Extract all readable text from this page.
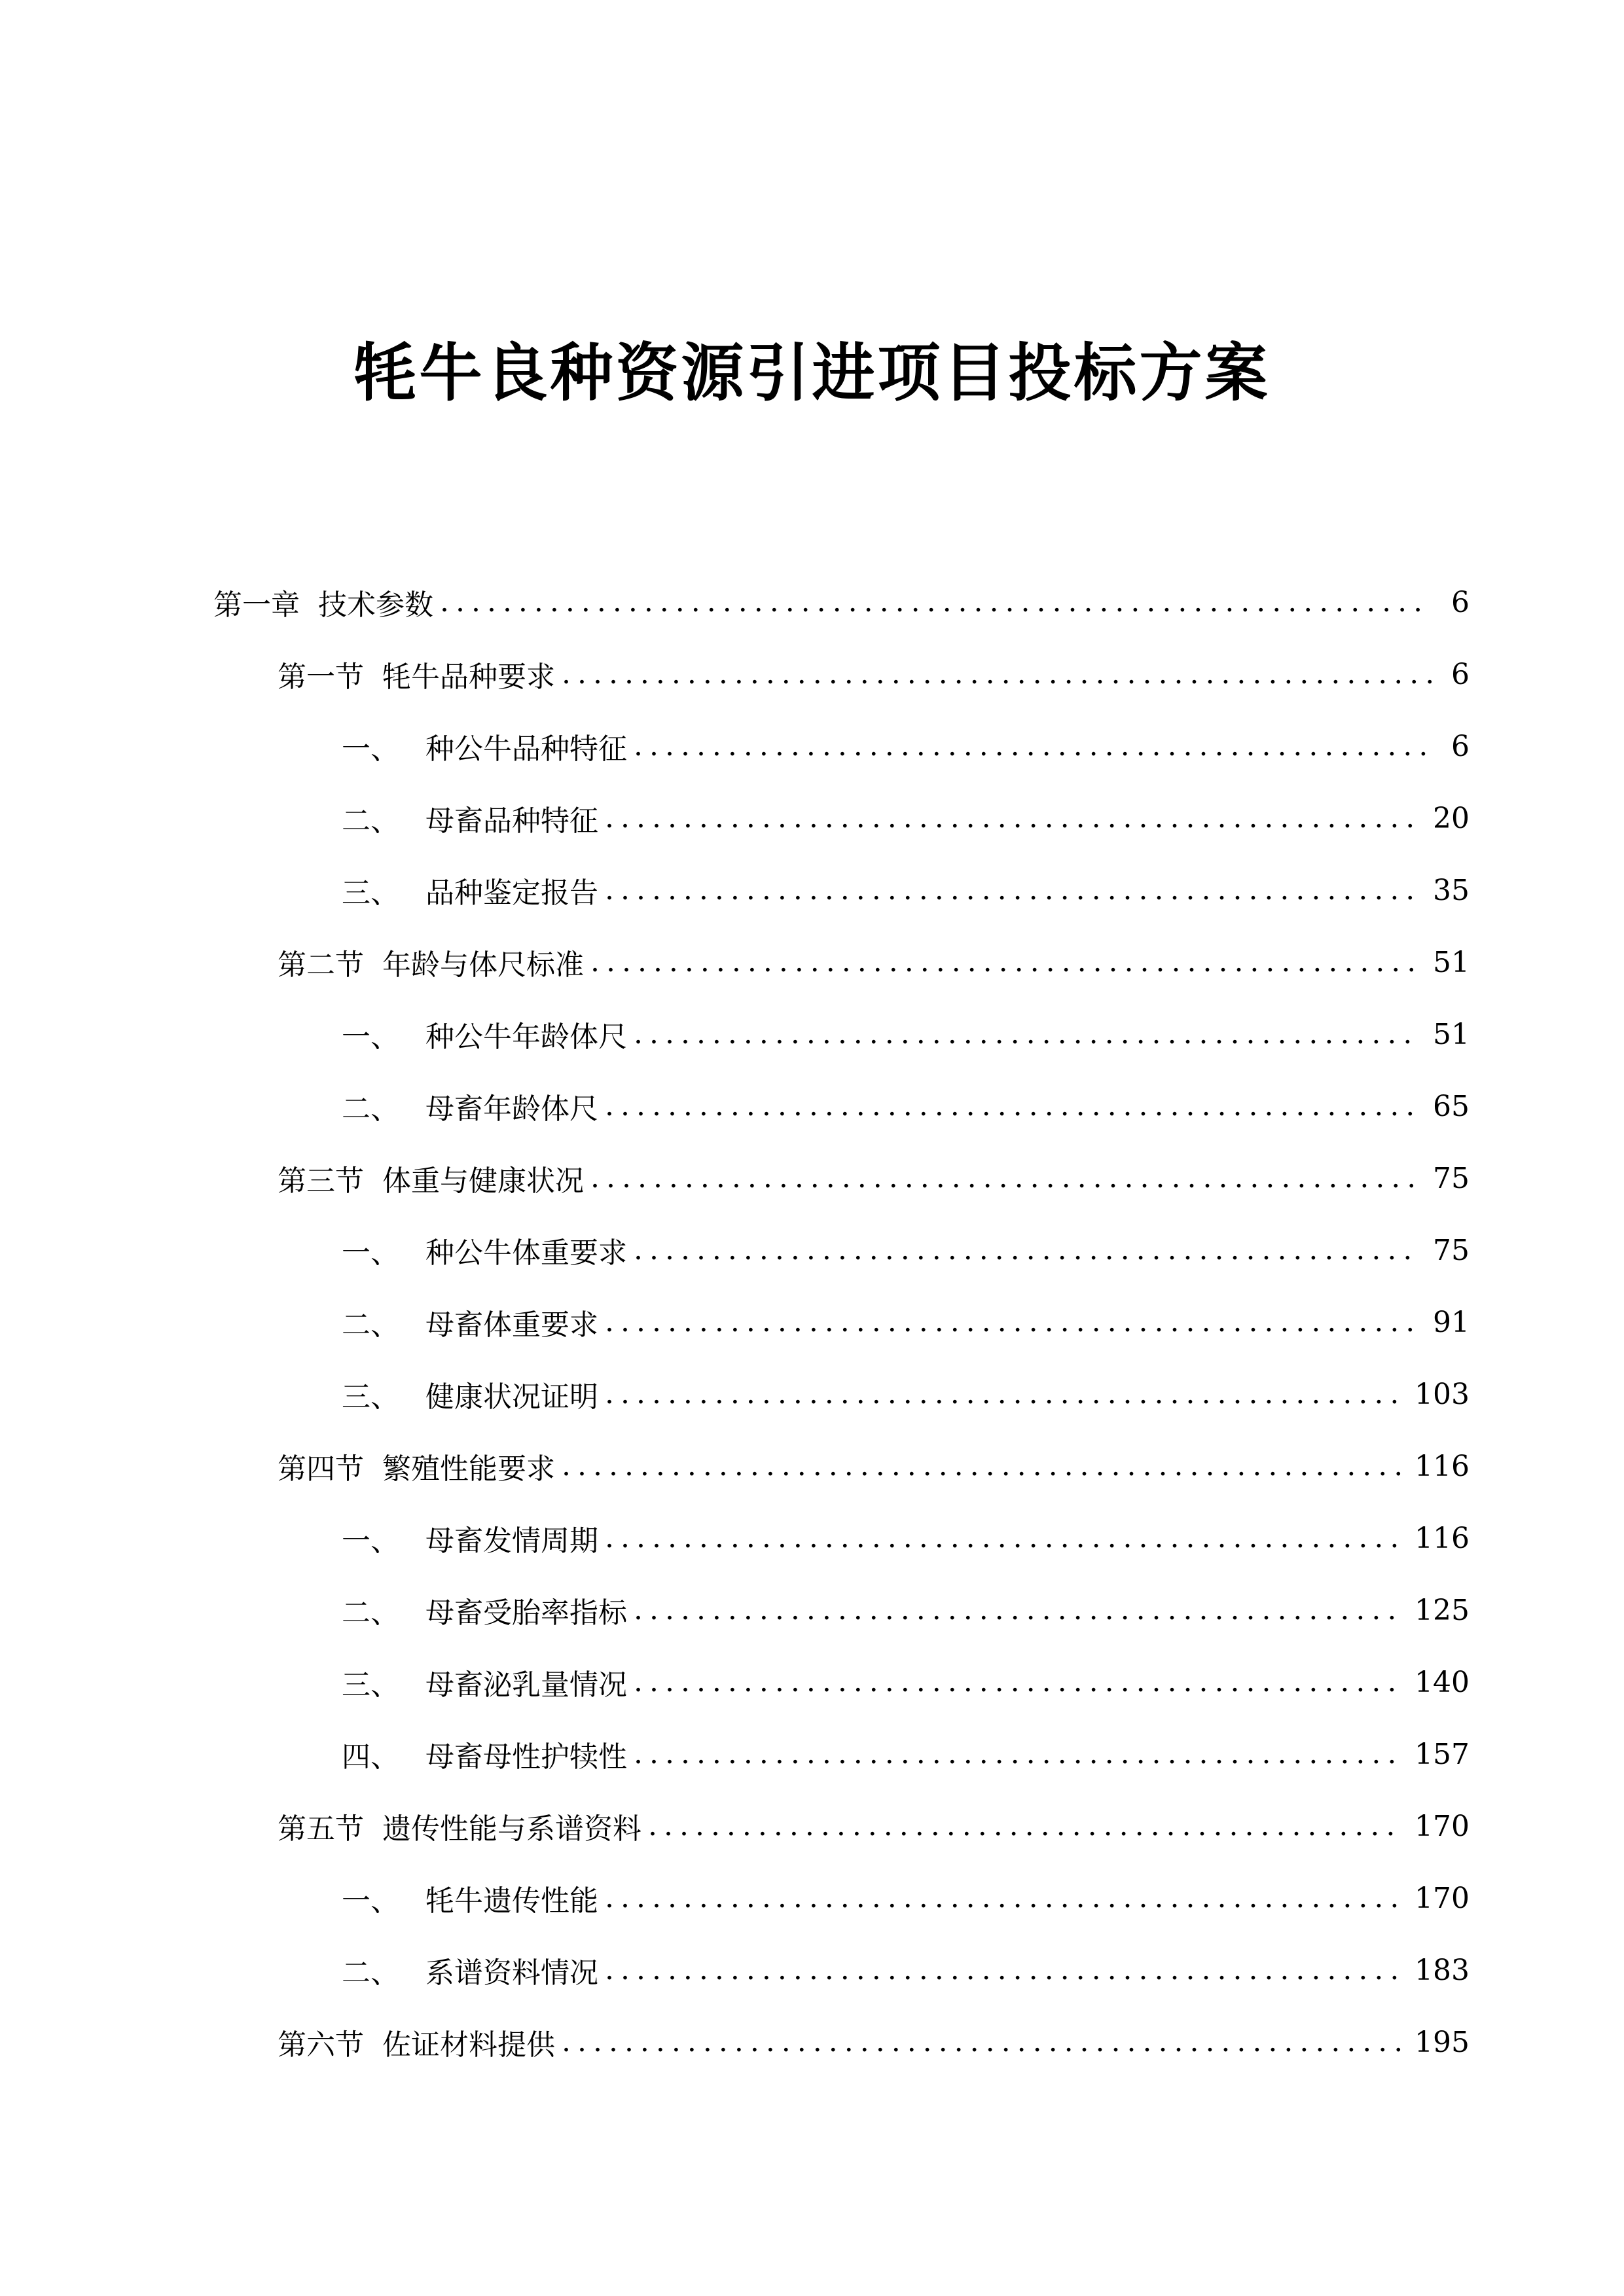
牦牛良种资源引进项目投标方案
第一章 技术参数 .....	6
第一节 牦牛品种要求 .....	6
一、 种公牛品种特征 .....	6
二、 母畜品种特征 .....	20
三、 品种鉴定报告 .....	35
第二节 年龄与体尺标准 .....	51
一、 种公牛年龄体尺 .....	51
二、 母畜年龄体尺 .....	65
第三节 体重与健康状况 .....	75
一、 种公牛体重要求 .....	75
二、 母畜体重要求 .....	91
三、 健康状况证明 .....	103
第四节 繁殖性能要求 .....	116
一、 母畜发情周期 .....	116
二、 母畜受胎率指标 .....	125
三、 母畜泌乳量情况 .....	140
四、 母畜母性护犊性 .....	157
第五节 遗传性能与系谱资料 .....	170
一、 牦牛遗传性能 .....	170
二、 系谱资料情况 .....	183
第六节 佐证材料提供 .....	195
